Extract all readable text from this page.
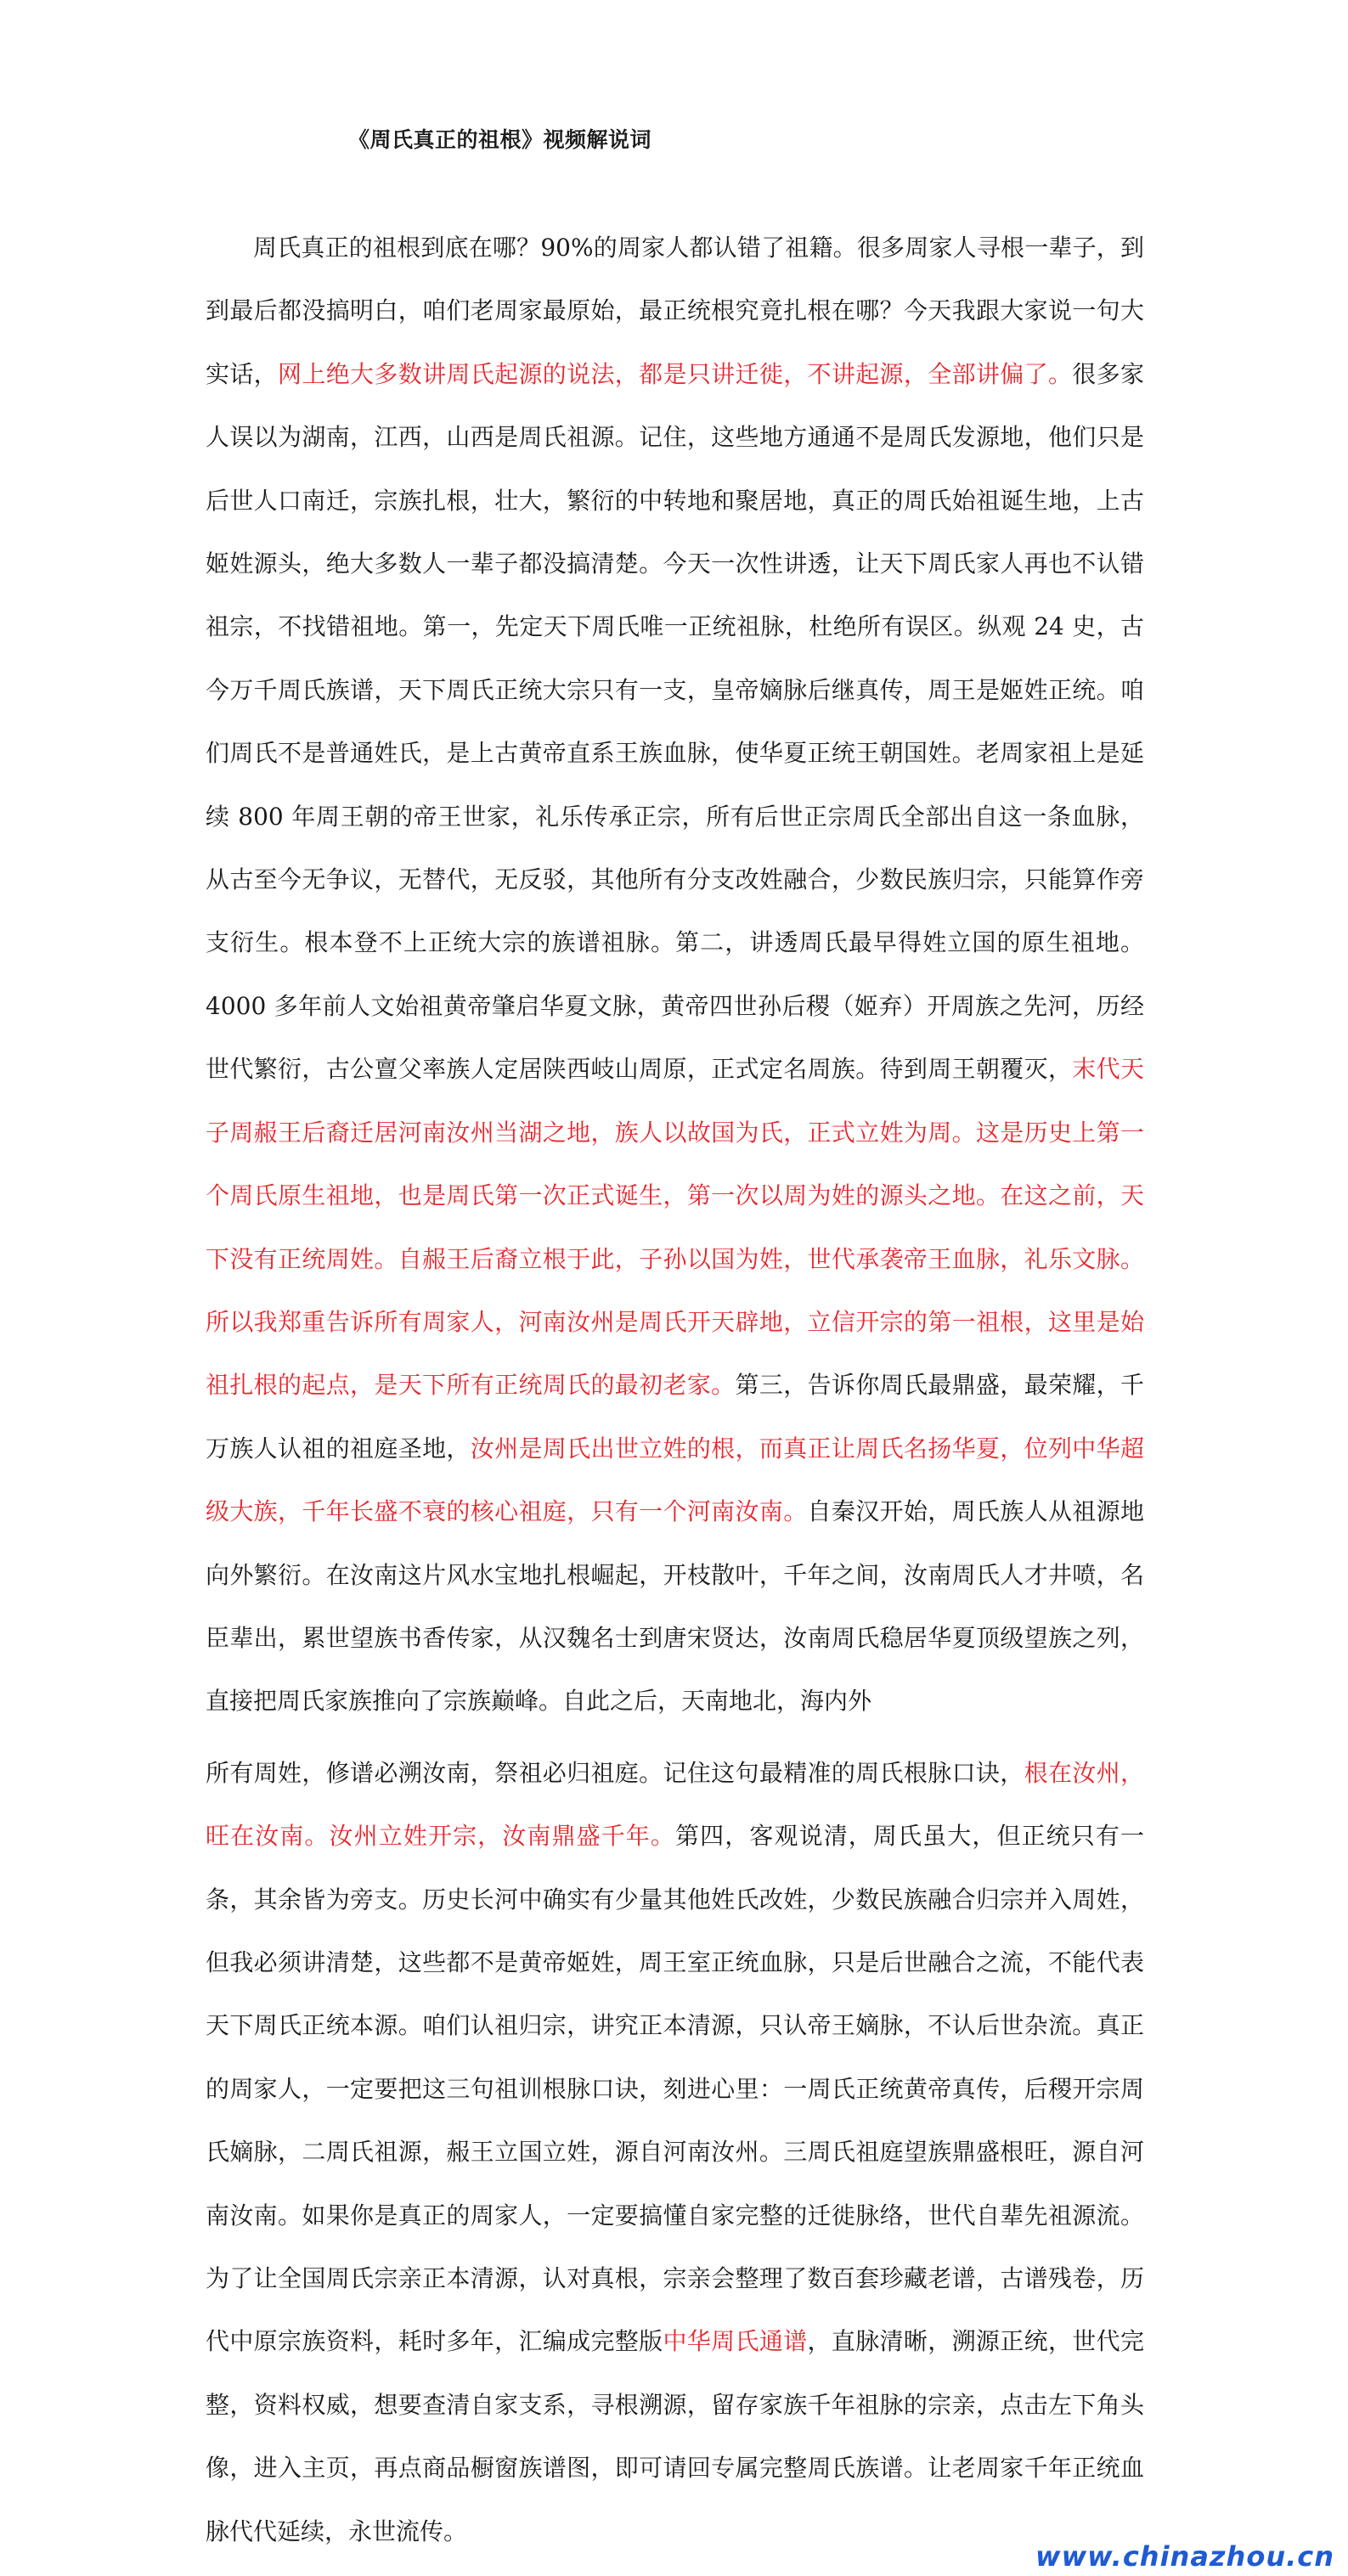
《周氏真正的祖根》视频解说词

周氏真正的祖根到底在哪？90%的周家人都认错了祖籍。很多周家人寻根一辈子，到到最后都没搞明白，咱们老周家最原始，最正统根究竟扎根在哪？今天我跟大家说一句大实话，网上绝大多数讲周氏起源的说法，都是只讲迁徙，不讲起源，全部讲偏了。很多家人误以为湖南，江西，山西是周氏祖源。记住，这些地方通通不是周氏发源地，他们只是后世人口南迁，宗族扎根，壮大，繁衍的中转地和聚居地，真正的周氏始祖诞生地，上古姬姓源头，绝大多数人一辈子都没搞清楚。今天一次性讲透，让天下周氏家人再也不认错祖宗，不找错祖地。第一，先定天下周氏唯一正统祖脉，杜绝所有误区。纵观 24 史，古今万千周氏族谱，天下周氏正统大宗只有一支，皇帝嫡脉后继真传，周王是姬姓正统。咱们周氏不是普通姓氏，是上古黄帝直系王族血脉，使华夏正统王朝国姓。老周家祖上是延续 800 年周王朝的帝王世家，礼乐传承正宗，所有后世正宗周氏全部出自这一条血脉，从古至今无争议，无替代，无反驳，其他所有分支改姓融合，少数民族归宗，只能算作旁支衍生。根本登不上正统大宗的族谱祖脉。第二，讲透周氏最早得姓立国的原生祖地。4000 多年前人文始祖黄帝肇启华夏文脉，黄帝四世孙后稷（姬弃）开周族之先河，历经世代繁衍，古公亶父率族人定居陕西岐山周原，正式定名周族。待到周王朝覆灭，末代天子周赧王后裔迁居河南汝州当湖之地，族人以故国为氏，正式立姓为周。这是历史上第一个周氏原生祖地，也是周氏第一次正式诞生，第一次以周为姓的源头之地。在这之前，天下没有正统周姓。自赧王后裔立根于此，子孙以国为姓，世代承袭帝王血脉，礼乐文脉。所以我郑重告诉所有周家人，河南汝州是周氏开天辟地，立信开宗的第一祖根，这里是始祖扎根的起点，是天下所有正统周氏的最初老家。第三，告诉你周氏最鼎盛，最荣耀，千万族人认祖的祖庭圣地，汝州是周氏出世立姓的根，而真正让周氏名扬华夏，位列中华超级大族，千年长盛不衰的核心祖庭，只有一个河南汝南。自秦汉开始，周氏族人从祖源地向外繁衍。在汝南这片风水宝地扎根崛起，开枝散叶，千年之间，汝南周氏人才井喷，名臣辈出，累世望族书香传家，从汉魏名士到唐宋贤达，汝南周氏稳居华夏顶级望族之列，直接把周氏家族推向了宗族巅峰。自此之后，天南地北，海内外
所有周姓，修谱必溯汝南，祭祖必归祖庭。记住这句最精准的周氏根脉口诀，根在汝州，旺在汝南。汝州立姓开宗，汝南鼎盛千年。第四，客观说清，周氏虽大，但正统只有一条，其余皆为旁支。历史长河中确实有少量其他姓氏改姓，少数民族融合归宗并入周姓，但我必须讲清楚，这些都不是黄帝姬姓，周王室正统血脉，只是后世融合之流，不能代表天下周氏正统本源。咱们认祖归宗，讲究正本清源，只认帝王嫡脉，不认后世杂流。真正的周家人，一定要把这三句祖训根脉口诀，刻进心里：一周氏正统黄帝真传，后稷开宗周氏嫡脉，二周氏祖源，赧王立国立姓，源自河南汝州。三周氏祖庭望族鼎盛根旺，源自河南汝南。如果你是真正的周家人，一定要搞懂自家完整的迁徙脉络，世代自辈先祖源流。为了让全国周氏宗亲正本清源，认对真根，宗亲会整理了数百套珍藏老谱，古谱残卷，历代中原宗族资料，耗时多年，汇编成完整版中华周氏通谱，直脉清晰，溯源正统，世代完整，资料权威，想要查清自家支系，寻根溯源，留存家族千年祖脉的宗亲，点击左下角头像，进入主页，再点商品橱窗族谱图，即可请回专属完整周氏族谱。让老周家千年正统血脉代代延续，永世流传。

www.chinazhou.cn
